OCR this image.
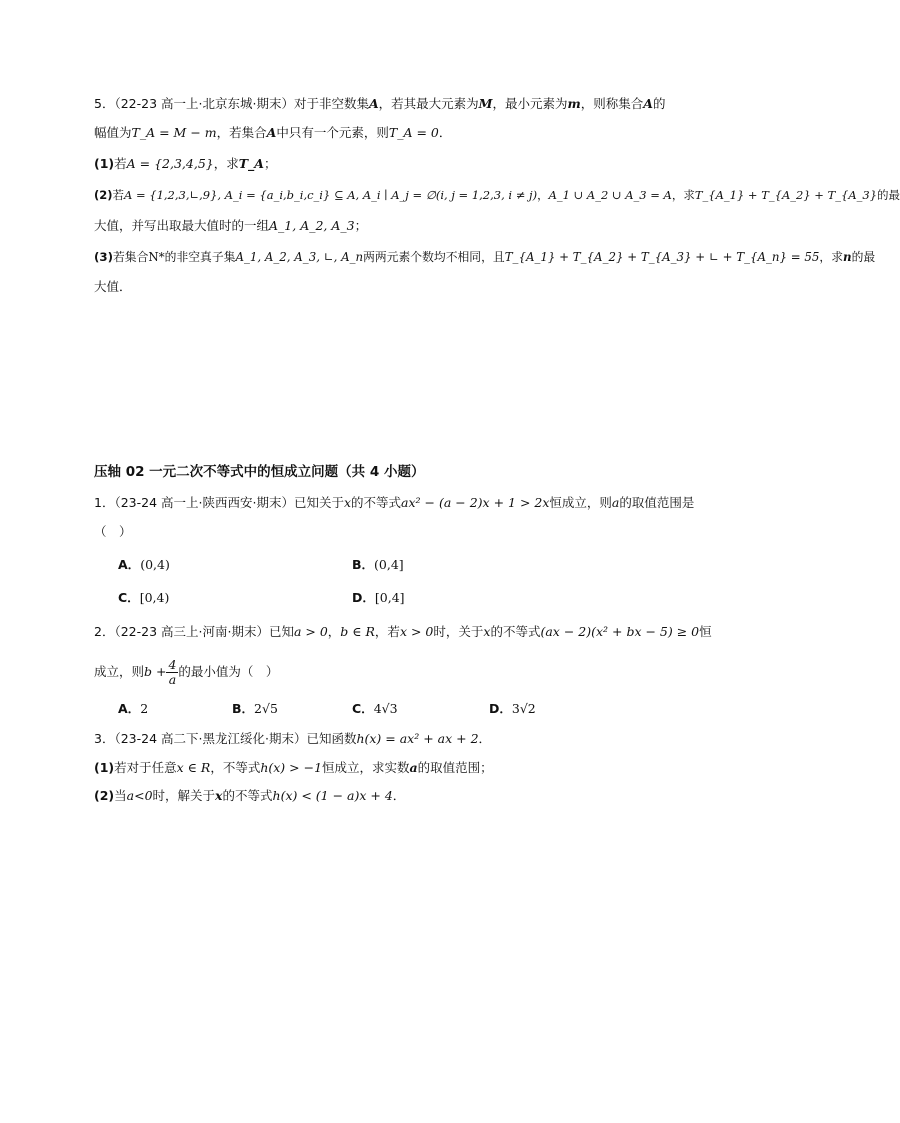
5．（22-23 高一上·北京东城·期末）对于非空数集A，若其最大元素为M，最小元素为m，则称集合A的
幅值为T_A = M − m，若集合A中只有一个元素，则T_A = 0．
(1)若A = {2,3,4,5}，求T_A；
(2)若A = {1,2,3,∟,9}, A_i = {a_i,b_i,c_i} ⊆ A, A_i ∣ A_j = ∅(i, j = 1,2,3, i ≠ j)，A_1 ∪ A_2 ∪ A_3 = A，求T_{A_1} + T_{A_2} + T_{A_3}的最
大值，并写出取最大值时的一组A_1, A_2, A_3；
(3)若集合N*的非空真子集A_1, A_2, A_3, ∟, A_n两两元素个数均不相同，且T_{A_1} + T_{A_2} + T_{A_3} + ∟ + T_{A_n} = 55，求n的最
大值．
压轴 02 一元二次不等式中的恒成立问题（共 4 小题）
1．（23-24 高一上·陕西西安·期末）已知关于x的不等式ax² − (a − 2)x + 1 > 2x恒成立，则a的取值范围是
（　）
A．(0,4)	B．(0,4]
C．[0,4)	D．[0,4]
2．（22-23 高三上·河南·期末）已知a > 0，b ∈ R，若x > 0时，关于x的不等式(ax − 2)(x² + bx − 5) ≥ 0恒
成立，则$b + \frac{4}{a}$ 的最小值为（　）
A．2	B．2√5	C．4√3	D．3√2
3．（23-24 高二下·黑龙江绥化·期末）已知函数h(x) = ax² + ax + 2．
(1)若对于任意x ∈ R，不等式h(x) > −1恒成立，求实数a的取值范围；
(2)当a<0时，解关于x的不等式h(x) < (1 − a)x + 4．
